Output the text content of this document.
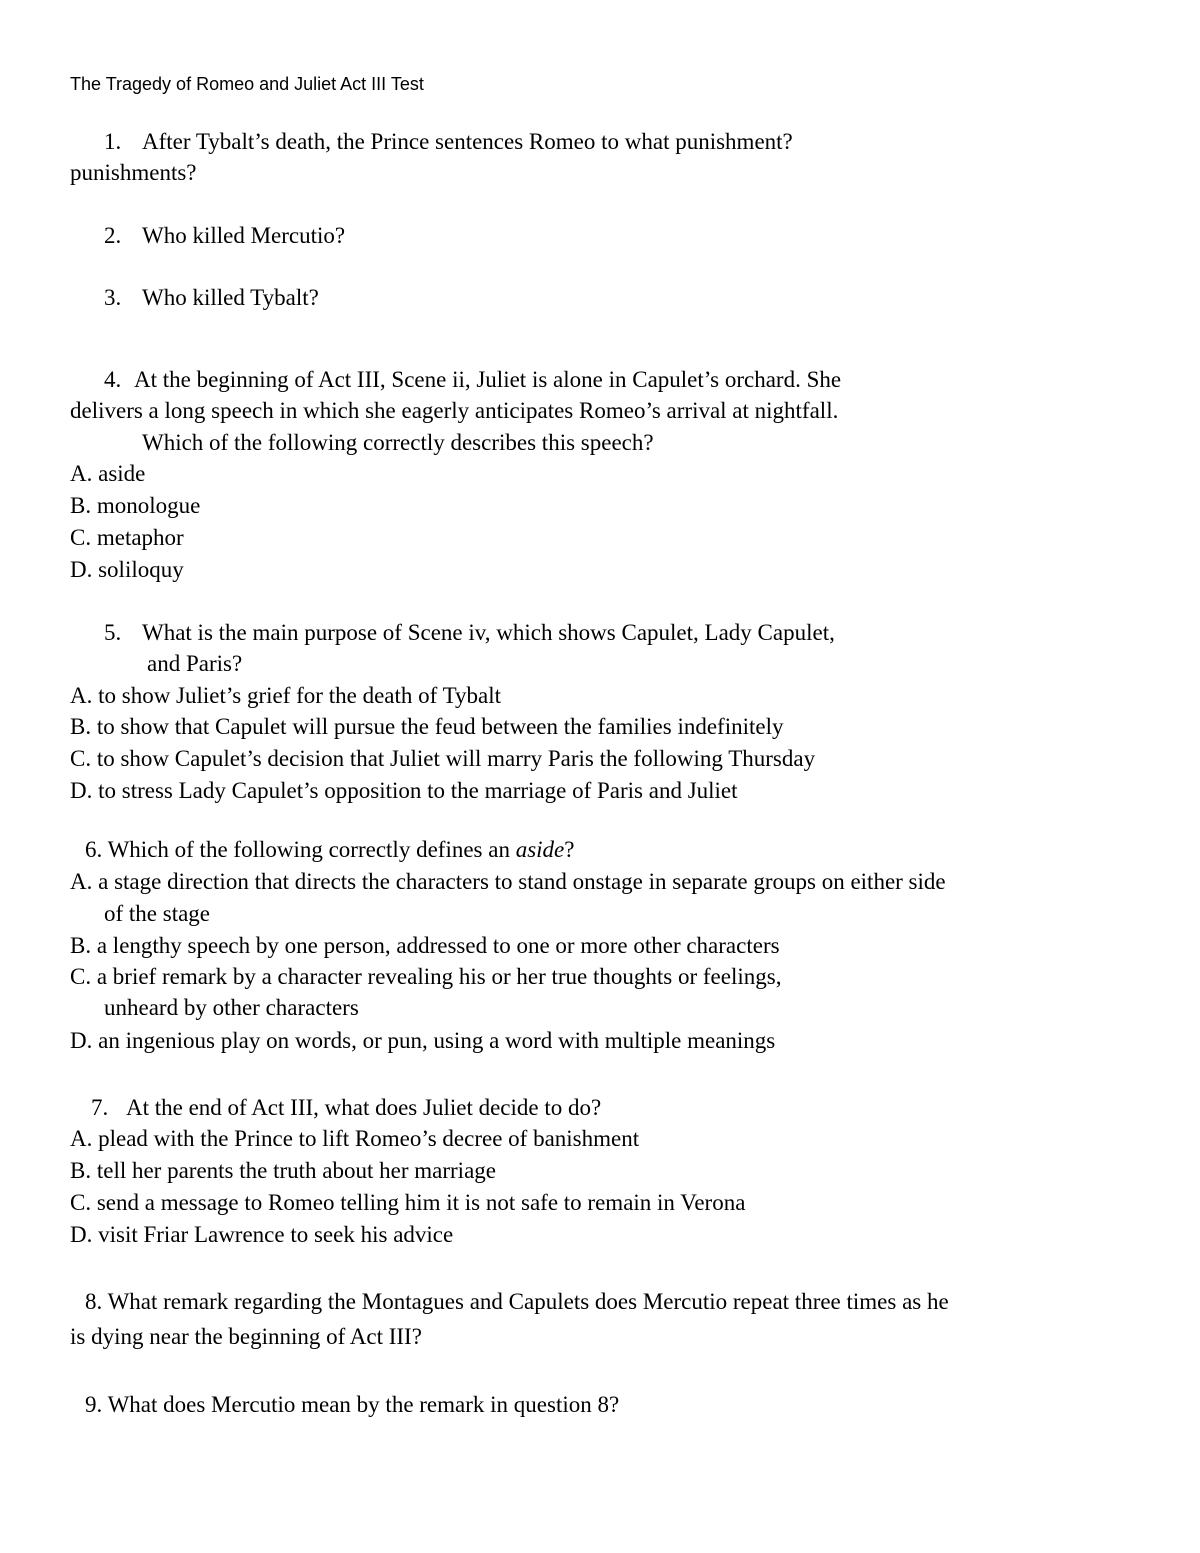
The Tragedy of Romeo and Juliet Act III Test
1. After Tybalt’s death, the Prince sentences Romeo to what punishment?
punishments?
2. Who killed Mercutio?
3. Who killed Tybalt?
4. At the beginning of Act III, Scene ii, Juliet is alone in Capulet’s orchard. She
delivers a long speech in which she eagerly anticipates Romeo’s arrival at nightfall.
Which of the following correctly describes this speech?
A. aside
B. monologue
C. metaphor
D. soliloquy
5. What is the main purpose of Scene iv, which shows Capulet, Lady Capulet,
and Paris?
A. to show Juliet’s grief for the death of Tybalt
B. to show that Capulet will pursue the feud between the families indefinitely
C. to show Capulet’s decision that Juliet will marry Paris the following Thursday
D. to stress Lady Capulet’s opposition to the marriage of Paris and Juliet
6. Which of the following correctly defines an aside?
A. a stage direction that directs the characters to stand onstage in separate groups on either side
of the stage
B. a lengthy speech by one person, addressed to one or more other characters
C. a brief remark by a character revealing his or her true thoughts or feelings,
unheard by other characters
D. an ingenious play on words, or pun, using a word with multiple meanings
7. At the end of Act III, what does Juliet decide to do?
A. plead with the Prince to lift Romeo’s decree of banishment
B. tell her parents the truth about her marriage
C. send a message to Romeo telling him it is not safe to remain in Verona
D. visit Friar Lawrence to seek his advice
8. What remark regarding the Montagues and Capulets does Mercutio repeat three times as he
is dying near the beginning of Act III?
9. What does Mercutio mean by the remark in question 8?
